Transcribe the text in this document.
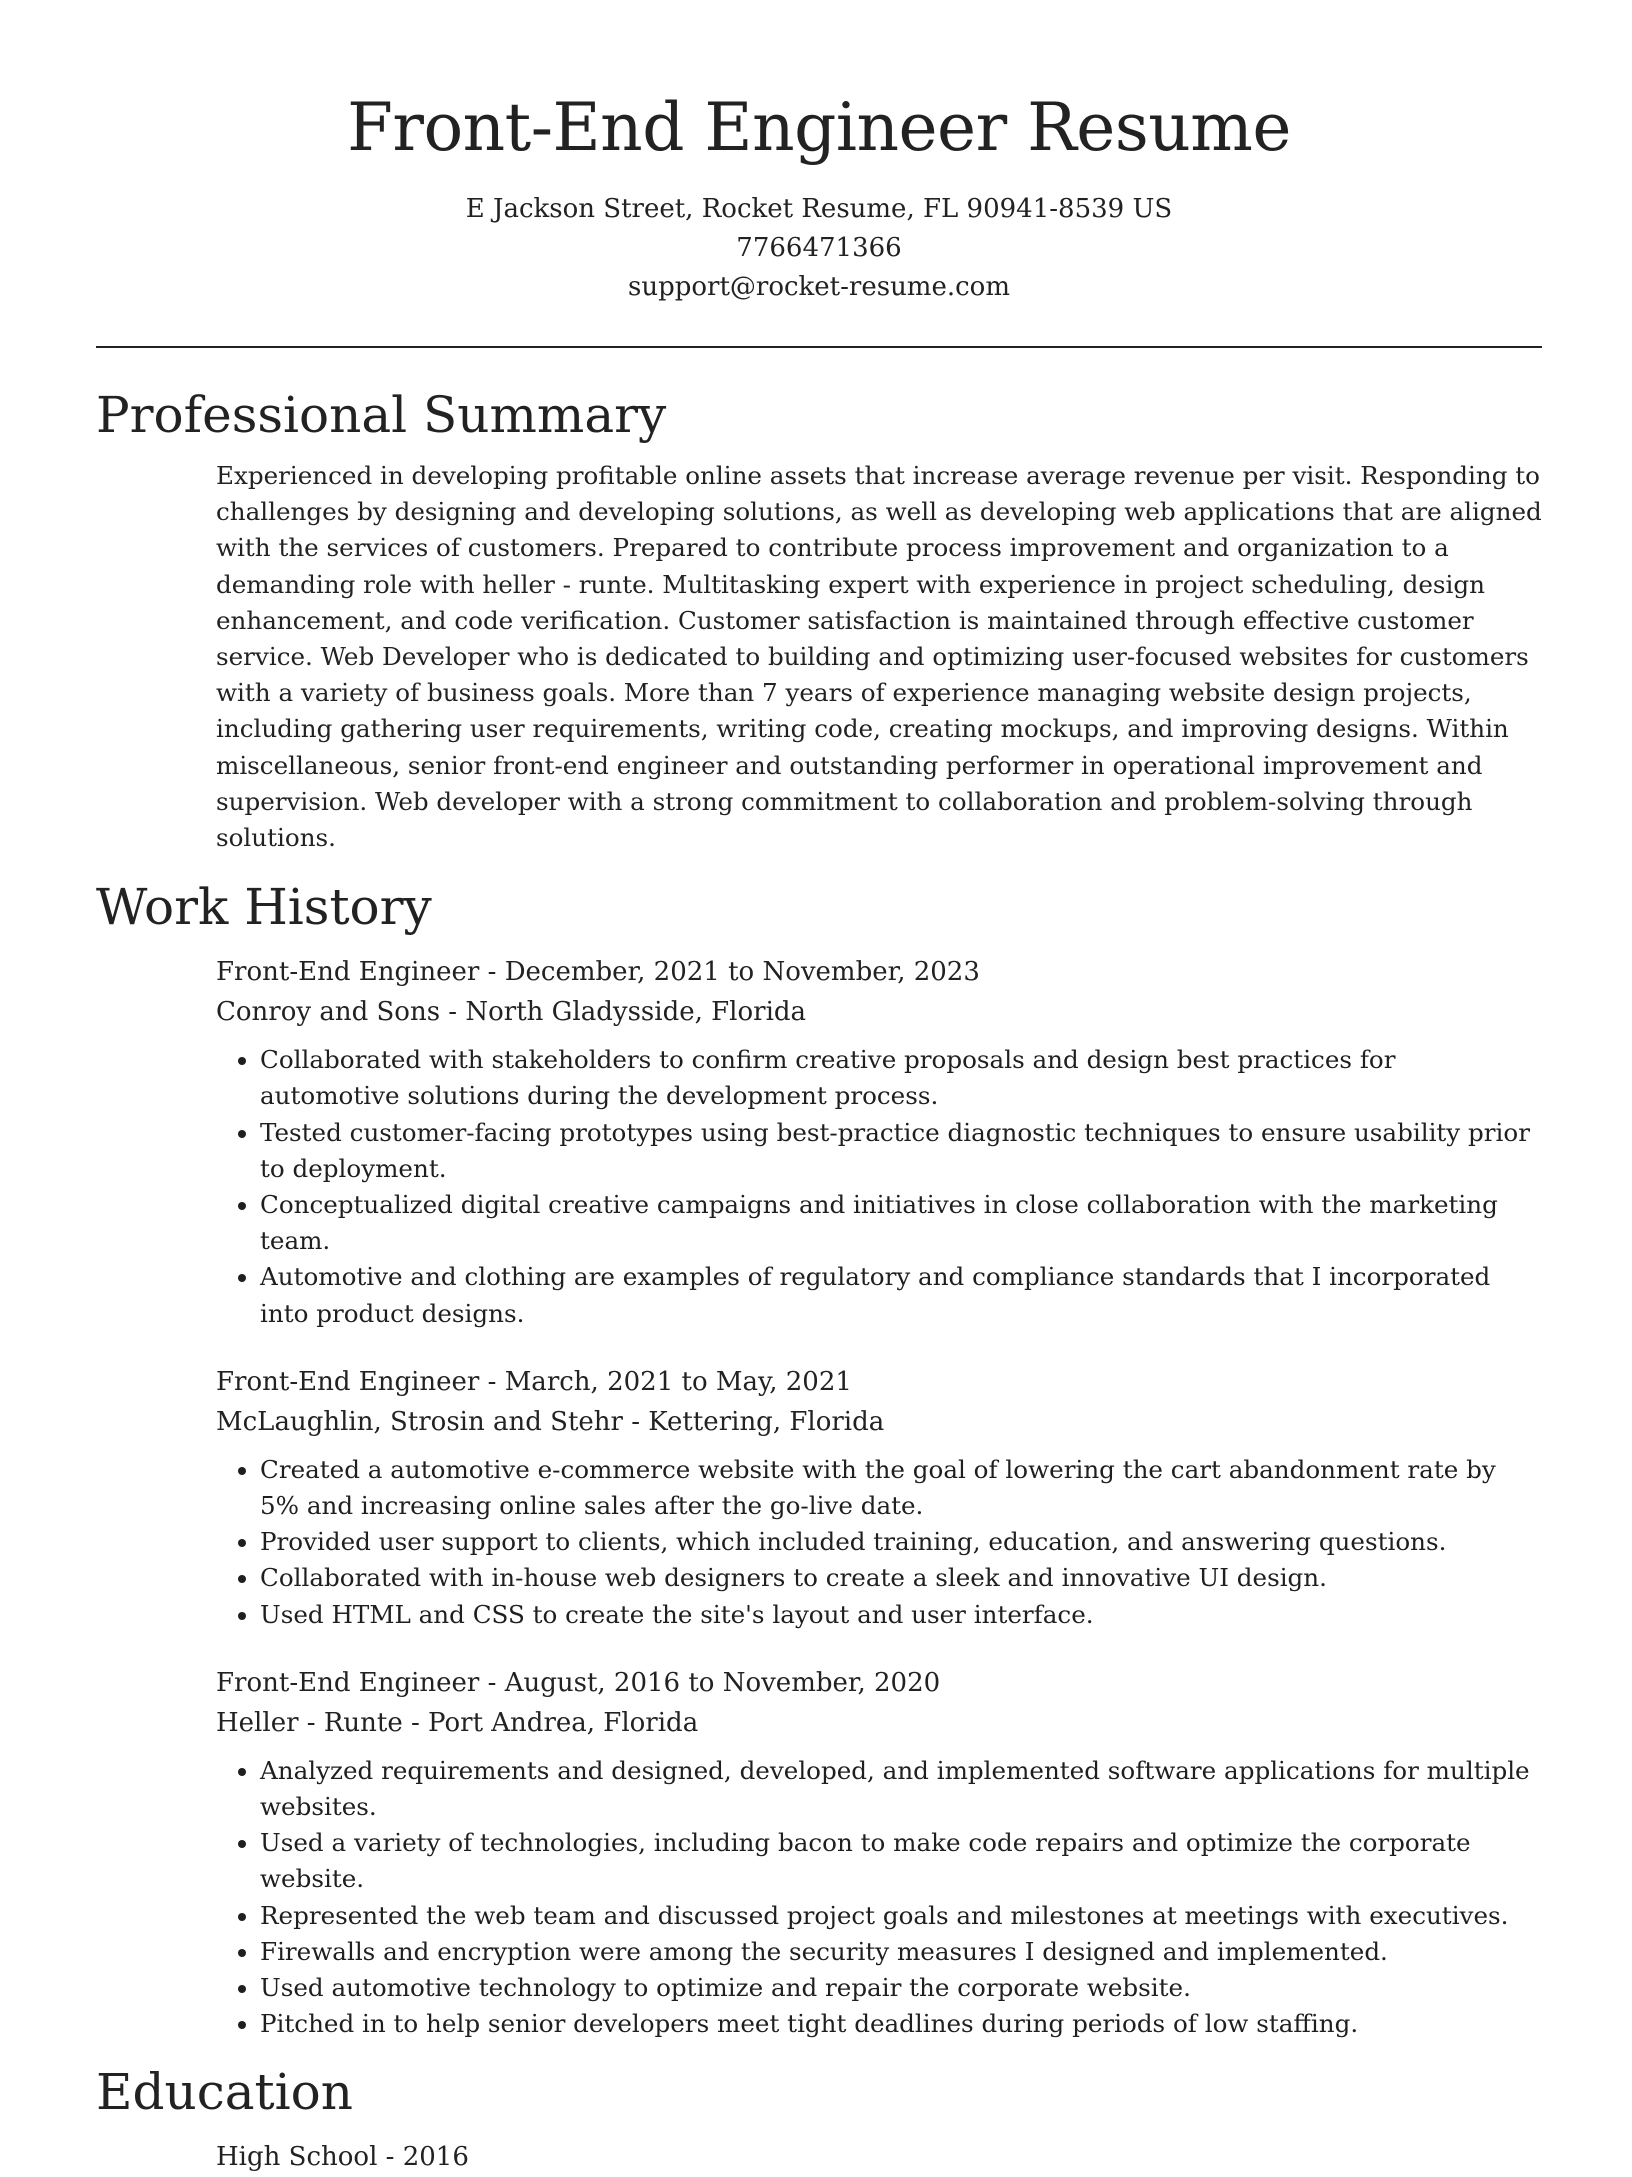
Front-End Engineer Resume
E Jackson Street, Rocket Resume, FL 90941-8539 US
7766471366
support@rocket-resume.com
Professional Summary

Experienced in developing profitable online assets that increase average revenue per visit. Responding to challenges by designing and developing solutions, as well as developing web applications that are aligned with the services of customers. Prepared to contribute process improvement and organization to a demanding role with heller - runte. Multitasking expert with experience in project scheduling, design enhancement, and code verification. Customer satisfaction is maintained through effective customer service. Web Developer who is dedicated to building and optimizing user-focused websites for customers with a variety of business goals. More than 7 years of experience managing website design projects, including gathering user requirements, writing code, creating mockups, and improving designs. Within miscellaneous, senior front-end engineer and outstanding performer in operational improvement and supervision. Web developer with a strong commitment to collaboration and problem-solving through solutions.

Work History
Front-End Engineer - December, 2021 to November, 2023
Conroy and Sons - North Gladysside, Florida
• Collaborated with stakeholders to confirm creative proposals and design best practices for automotive solutions during the development process.
• Tested customer-facing prototypes using best-practice diagnostic techniques to ensure usability prior to deployment.
• Conceptualized digital creative campaigns and initiatives in close collaboration with the marketing team.
• Automotive and clothing are examples of regulatory and compliance standards that I incorporated into product designs.
Front-End Engineer - March, 2021 to May, 2021
McLaughlin, Strosin and Stehr - Kettering, Florida
• Created a automotive e-commerce website with the goal of lowering the cart abandonment rate by 5% and increasing online sales after the go-live date.
• Provided user support to clients, which included training, education, and answering questions.
• Collaborated with in-house web designers to create a sleek and innovative UI design.
• Used HTML and CSS to create the site's layout and user interface.
Front-End Engineer - August, 2016 to November, 2020
Heller - Runte - Port Andrea, Florida
• Analyzed requirements and designed, developed, and implemented software applications for multiple websites.
• Used a variety of technologies, including bacon to make code repairs and optimize the corporate website.
• Represented the web team and discussed project goals and milestones at meetings with executives.
• Firewalls and encryption were among the security measures I designed and implemented.
• Used automotive technology to optimize and repair the corporate website.
• Pitched in to help senior developers meet tight deadlines during periods of low staffing.
Education
High School - 2016
